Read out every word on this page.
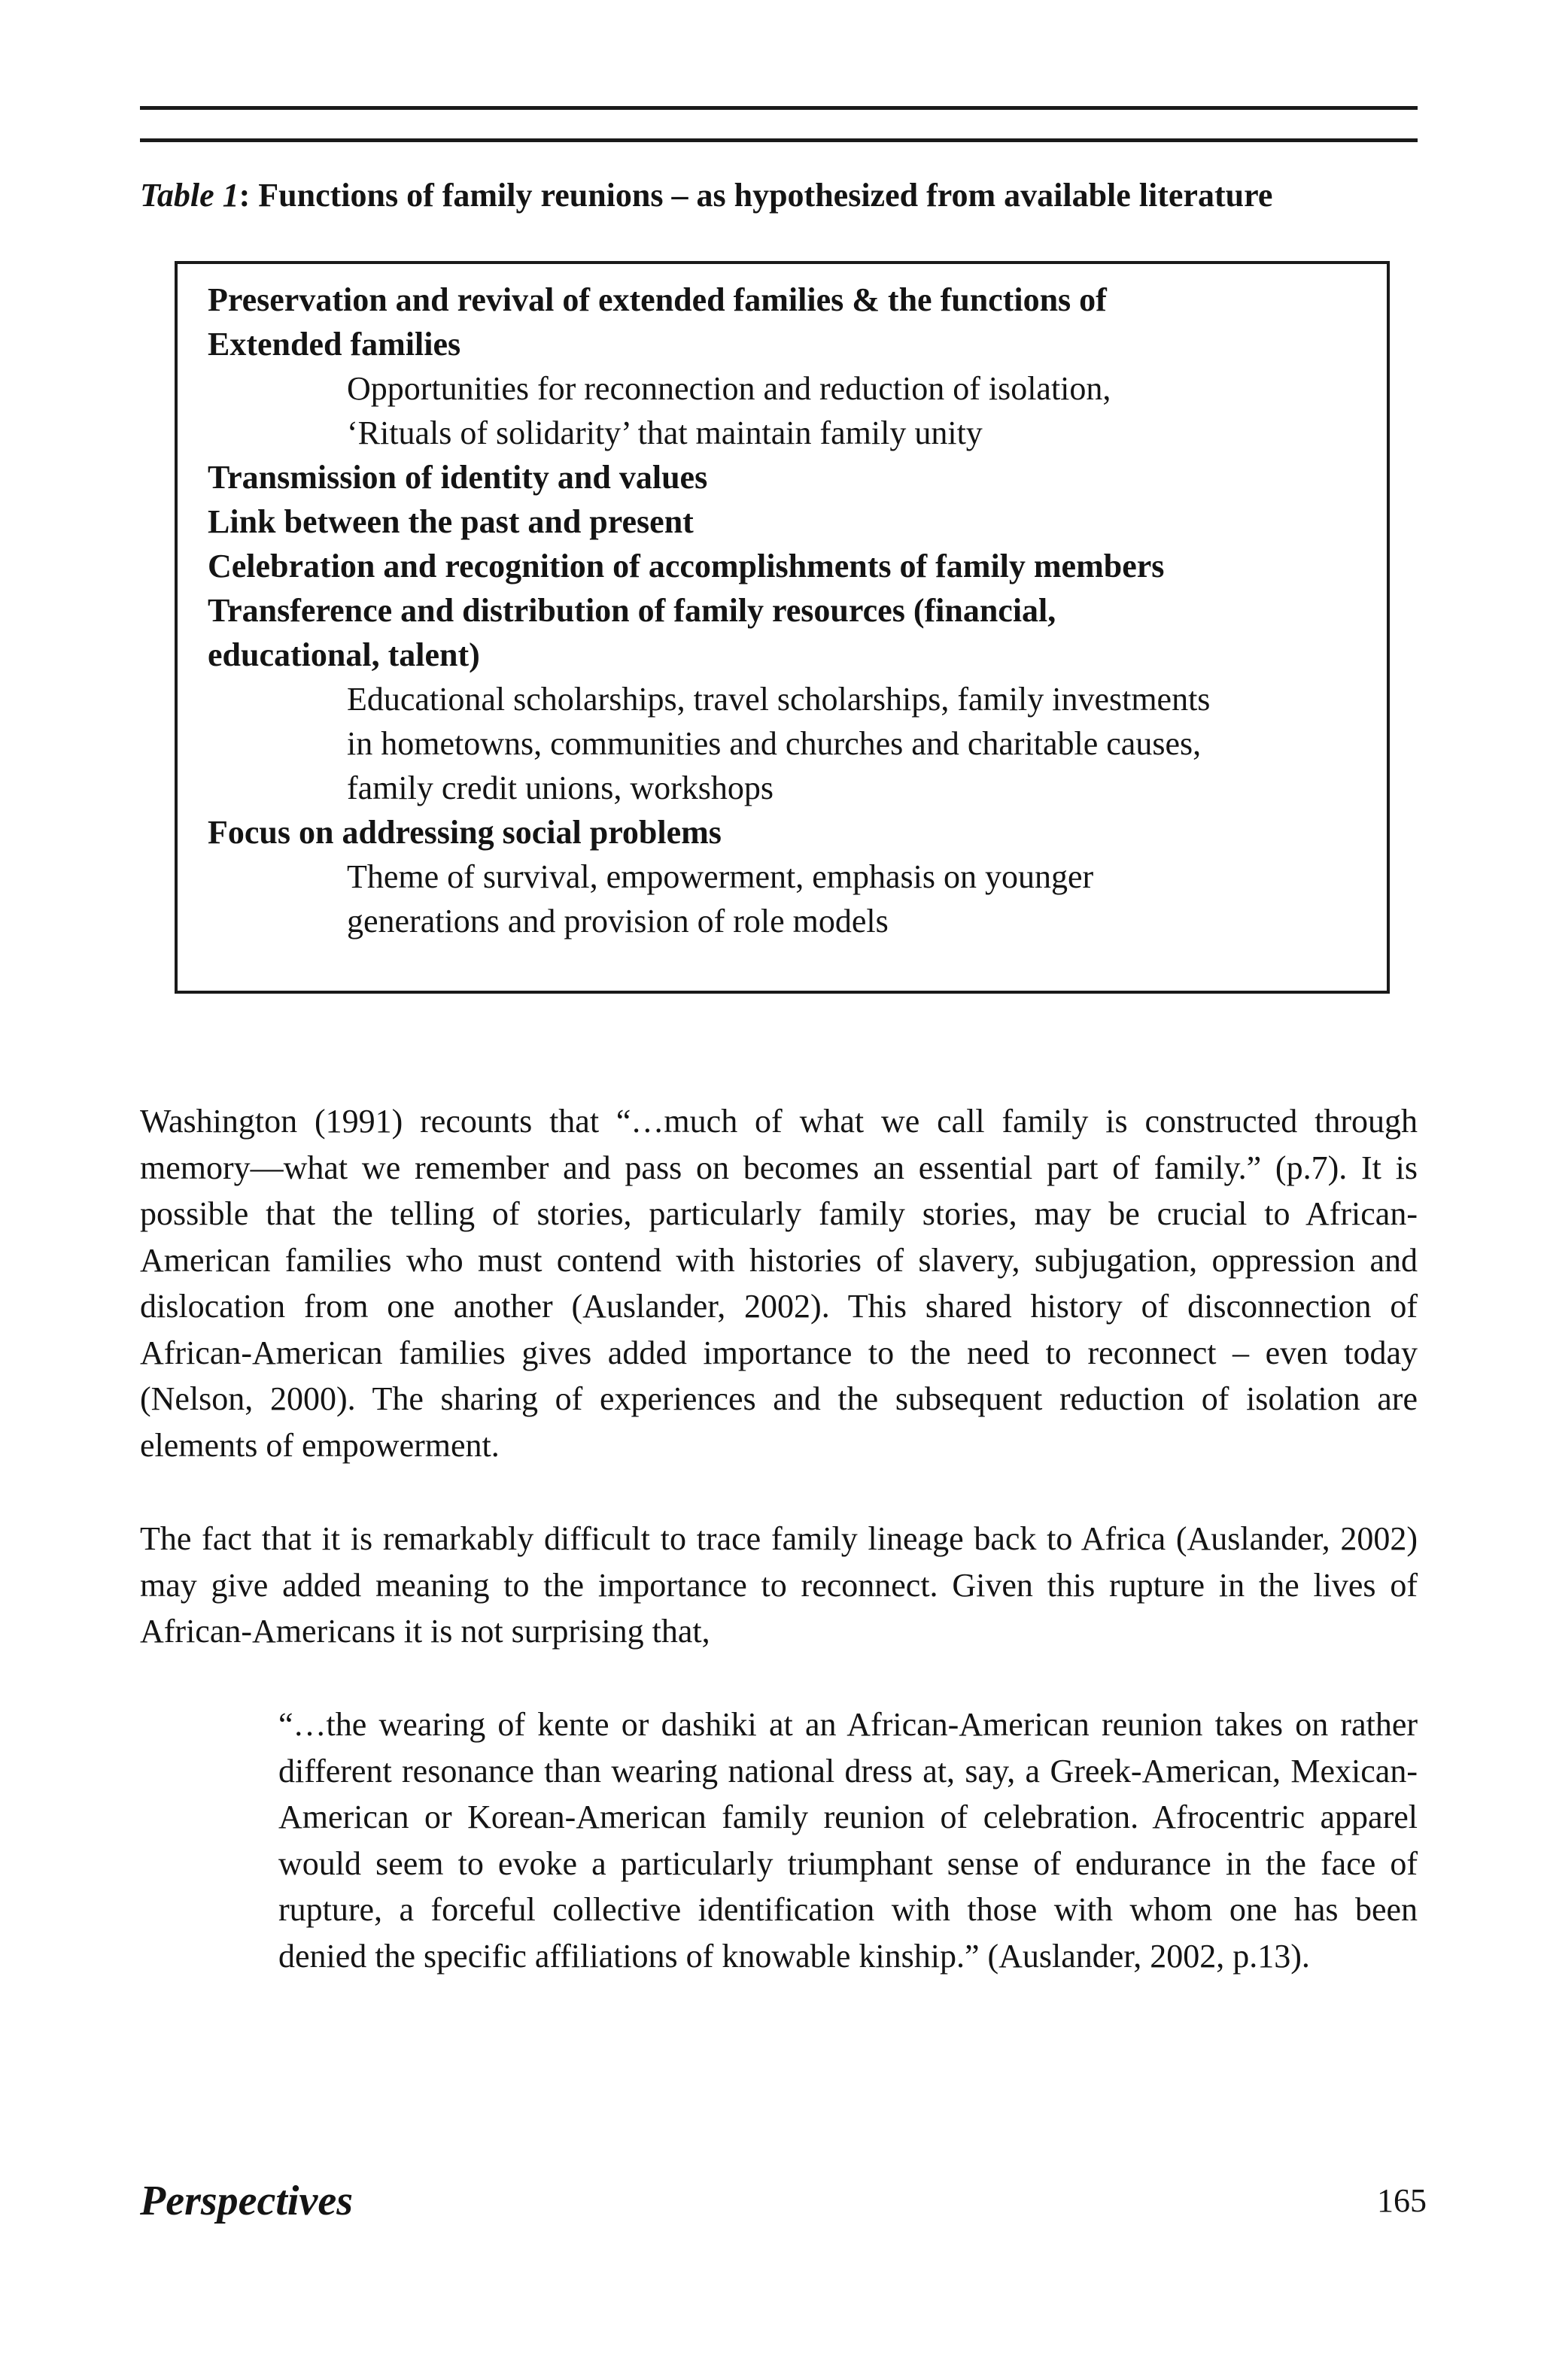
Table 1: Functions of family reunions – as hypothesized from available literature

Preservation and revival of extended families & the functions of

Extended families

Opportunities for reconnection and reduction of isolation,

‘Rituals of solidarity’ that maintain family unity

Transmission of identity and values

Link between the past and present

Celebration and recognition of accomplishments of family members

Transference and distribution of family resources (financial,

educational, talent)

Educational scholarships, travel scholarships, family investments

in hometowns, communities and churches and charitable causes,

family credit unions, workshops

Focus on addressing social problems

Theme of survival, empowerment, emphasis on younger

generations and provision of role models

Washington (1991) recounts that “…much of what we call family is constructed through memory—what we remember and pass on becomes an essential part of family.” (p.7). It is possible that the telling of stories, particularly family stories, may be crucial to African-American families who must contend with histories of slavery, subjugation, oppression and dislocation from one another (Auslander, 2002). This shared history of disconnection of African-American families gives added importance to the need to reconnect – even today (Nelson, 2000). The sharing of experiences and the subsequent reduction of isolation are elements of empowerment.

The fact that it is remarkably difficult to trace family lineage back to Africa (Auslander, 2002) may give added meaning to the importance to reconnect. Given this rupture in the lives of African-Americans it is not surprising that,

“…the wearing of kente or dashiki at an African-American reunion takes on rather different resonance than wearing national dress at, say, a Greek-American, Mexican-American or Korean-American family reunion of celebration. Afrocentric apparel would seem to evoke a particularly triumphant sense of endurance in the face of rupture, a forceful collective identification with those with whom one has been denied the specific affiliations of knowable kinship.” (Auslander, 2002, p.13).

Perspectives	165
